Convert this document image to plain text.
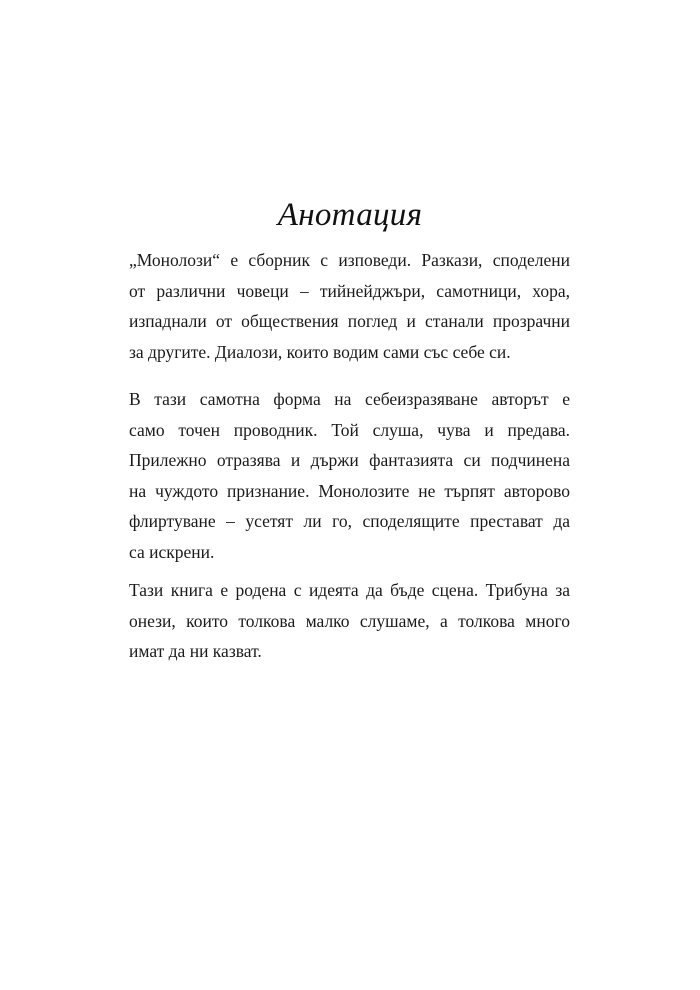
Анотация
„Монолози“ е сборник с изповеди. Разкази, споделени
от различни човеци – тийнейджъри, самотници, хора,
изпаднали от обществения поглед и станали прозрачни
за другите. Диалози, които водим сами със себе си.
В тази самотна форма на себеизразяване авторът е
само точен проводник. Той слуша, чува и предава.
Прилежно отразява и държи фантазията си подчинена
на чуждото признание. Монолозите не търпят авторово
флиртуване – усетят ли го, споделящите престават да
са искрени.
Тази книга е родена с идеята да бъде сцена. Трибуна за
онези, които толкова малко слушаме, а толкова много
имат да ни казват.
